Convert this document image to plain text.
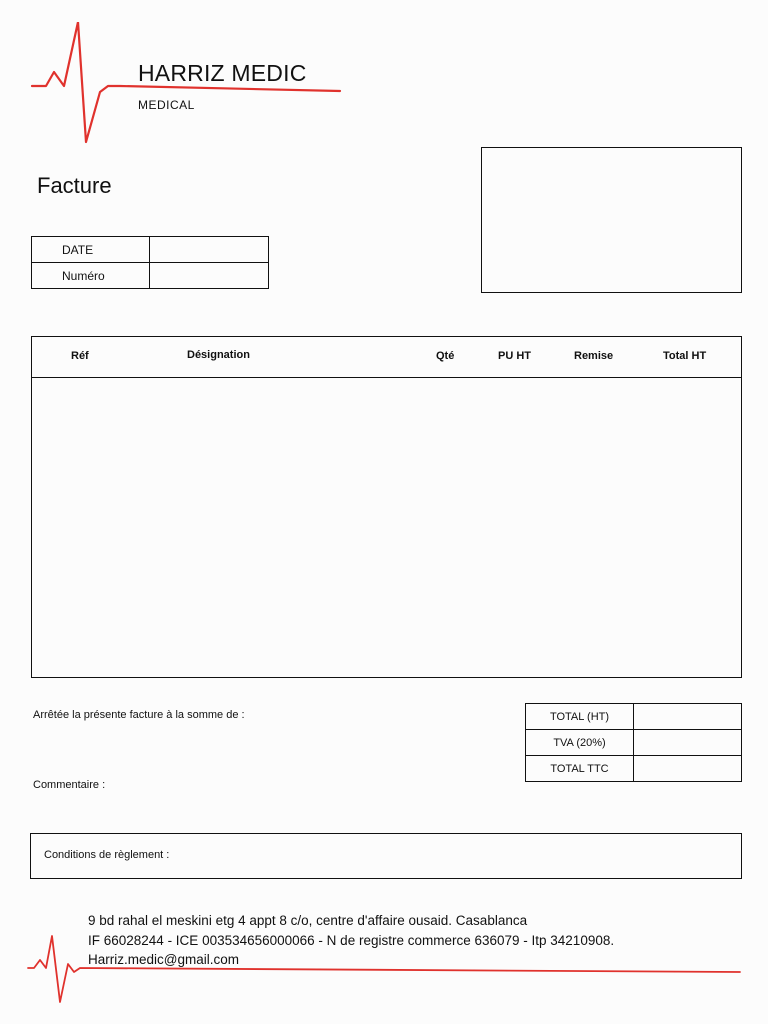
HARRIZ MEDIC
MEDICAL
Facture
DATE	
Numéro	
Réf	Désignation	Qté	PU HT	Remise	Total HT
Arrêtée la présente facture à la somme de :	TOTAL (HT)	
TVA (20%)	
TOTAL TTC	
Commentaire :
Conditions de règlement :
9 bd rahal el meskini etg 4 appt 8 c/o, centre d'affaire ousaid. Casablanca
IF 66028244 - ICE 003534656000066 - N de registre commerce 636079 - Itp 34210908.
Harriz.medic@gmail.com
